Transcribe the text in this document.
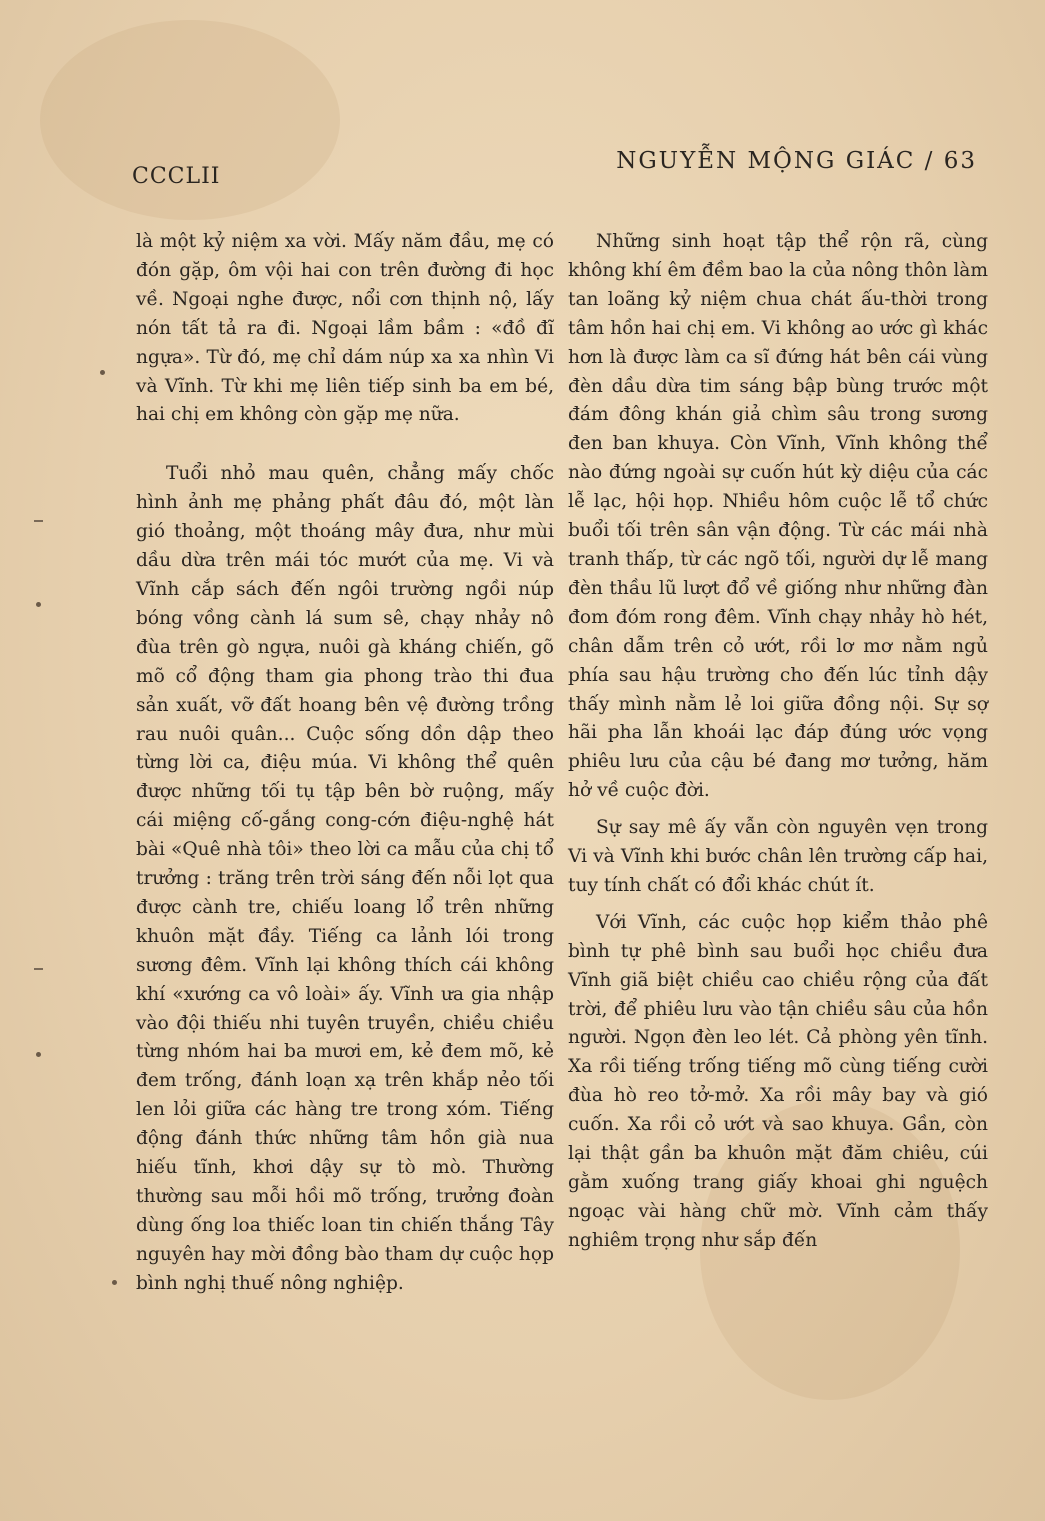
CCCLII
NGUYỄN MỘNG GIÁC / 63

là một kỷ niệm xa vời. Mấy năm đầu, mẹ có đón gặp, ôm vội hai con trên đường đi học về. Ngoại nghe được, nổi cơn thịnh nộ, lấy nón tất tả ra đi. Ngoại lầm bầm : «đồ đĩ ngựa». Từ đó, mẹ chỉ dám núp xa xa nhìn Vi và Vĩnh. Từ khi mẹ liên tiếp sinh ba em bé, hai chị em không còn gặp mẹ nữa.

Tuổi nhỏ mau quên, chẳng mấy chốc hình ảnh mẹ phảng phất đâu đó, một làn gió thoảng, một thoáng mây đưa, như mùi dầu dừa trên mái tóc mướt của mẹ. Vi và Vĩnh cắp sách đến ngôi trường ngồi núp bóng vồng cành lá sum sê, chạy nhảy nô đùa trên gò ngựa, nuôi gà kháng chiến, gõ mõ cổ động tham gia phong trào thi đua sản xuất, vỡ đất hoang bên vệ đường trồng rau nuôi quân... Cuộc sống dồn dập theo từng lời ca, điệu múa. Vi không thể quên được những tối tụ tập bên bờ ruộng, mấy cái miệng cố-gắng cong-cớn điệu-nghệ hát bài «Quê nhà tôi» theo lời ca mẫu của chị tổ trưởng : trăng trên trời sáng đến nỗi lọt qua được cành tre, chiếu loang lổ trên những khuôn mặt đầy. Tiếng ca lảnh lói trong sương đêm. Vĩnh lại không thích cái không khí «xướng ca vô loài» ấy. Vĩnh ưa gia nhập vào đội thiếu nhi tuyên truyền, chiều chiều từng nhóm hai ba mươi em, kẻ đem mõ, kẻ đem trống, đánh loạn xạ trên khắp nẻo tối len lỏi giữa các hàng tre trong xóm. Tiếng động đánh thức những tâm hồn già nua hiếu tĩnh, khơi dậy sự tò mò. Thường thường sau mỗi hồi mõ trống, trưởng đoàn dùng ống loa thiếc loan tin chiến thắng Tây nguyên hay mời đồng bào tham dự cuộc họp bình nghị thuế nông nghiệp.

Những sinh hoạt tập thể rộn rã, cùng không khí êm đềm bao la của nông thôn làm tan loãng kỷ niệm chua chát ấu-thời trong tâm hồn hai chị em. Vi không ao ước gì khác hơn là được làm ca sĩ đứng hát bên cái vùng đèn dầu dừa tim sáng bập bùng trước một đám đông khán giả chìm sâu trong sương đen ban khuya. Còn Vĩnh, Vĩnh không thể nào đứng ngoài sự cuốn hút kỳ diệu của các lễ lạc, hội họp. Nhiều hôm cuộc lễ tổ chức buổi tối trên sân vận động. Từ các mái nhà tranh thấp, từ các ngõ tối, người dự lễ mang đèn thầu lũ lượt đổ về giống như những đàn đom đóm rong đêm. Vĩnh chạy nhảy hò hét, chân dẫm trên cỏ ướt, rồi lơ mơ nằm ngủ phía sau hậu trường cho đến lúc tỉnh dậy thấy mình nằm lẻ loi giữa đồng nội. Sự sợ hãi pha lẫn khoái lạc đáp đúng ước vọng phiêu lưu của cậu bé đang mơ tưởng, hăm hở về cuộc đời.

Sự say mê ấy vẫn còn nguyên vẹn trong Vi và Vĩnh khi bước chân lên trường cấp hai, tuy tính chất có đổi khác chút ít.

Với Vĩnh, các cuộc họp kiểm thảo phê bình tự phê bình sau buổi học chiều đưa Vĩnh giã biệt chiều cao chiều rộng của đất trời, để phiêu lưu vào tận chiều sâu của hồn người. Ngọn đèn leo lét. Cả phòng yên tĩnh. Xa rồi tiếng trống tiếng mõ cùng tiếng cười đùa hò reo tở-mở. Xa rồi mây bay và gió cuốn. Xa rồi cỏ ướt và sao khuya. Gần, còn lại thật gần ba khuôn mặt đăm chiêu, cúi gằm xuống trang giấy khoai ghi nguệch ngoạc vài hàng chữ mờ. Vĩnh cảm thấy nghiêm trọng như sắp đến
